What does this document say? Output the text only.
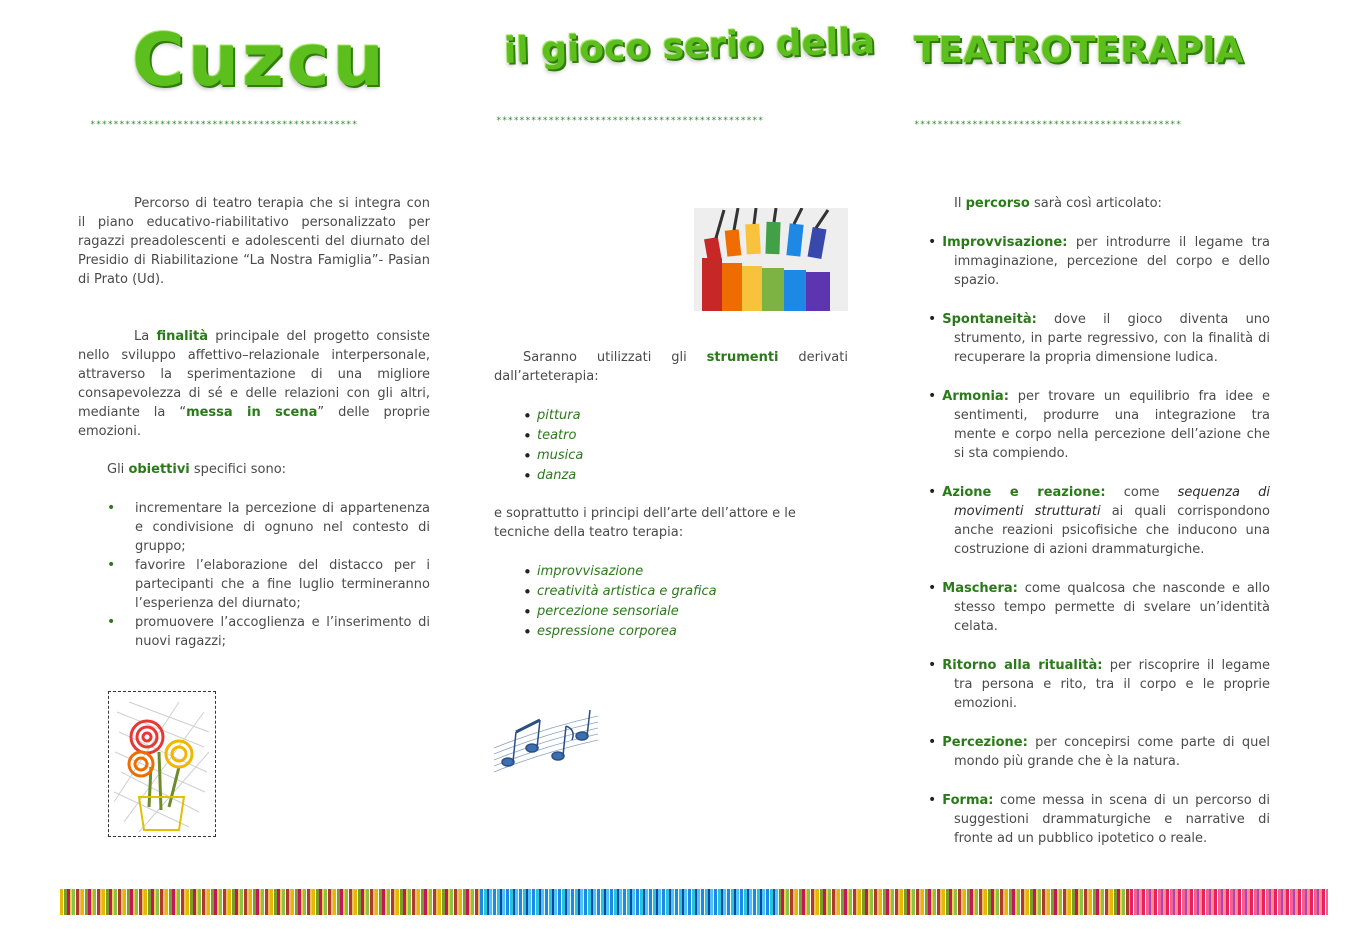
Cuzcu
**********************************************

Percorso di teatro terapia che si integra con il piano educativo-riabilitativo personalizzato per ragazzi preadolescenti e adolescenti del diurnato del Presidio di Riabilitazione “La Nostra Famiglia”- Pasian di Prato (Ud).

La finalità principale del progetto consiste nello sviluppo affettivo–relazionale interpersonale, attraverso la sperimentazione di una migliore consapevolezza di sé e delle relazioni con gli altri, mediante la “messa in scena” delle proprie emozioni.

Gli obiettivi specifici sono:

• incrementare la percezione di appartenenza e condivisione di ognuno nel contesto di gruppo;
• favorire l’elaborazione del distacco per i partecipanti che a fine luglio termineranno l’esperienza del diurnato;
• promuovere l’accoglienza e l’inserimento di nuovi ragazzi;
il gioco serio della
**********************************************

Saranno utilizzati gli strumenti derivati dall’arteterapia:

• pittura
• teatro
• musica
• danza

e soprattutto i principi dell’arte dell’attore e le tecniche della teatro terapia:

• improvvisazione
• creatività artistica e grafica
• percezione sensoriale
• espressione corporea
TEATROTERAPIA
**********************************************

Il percorso sarà così articolato:

• Improvvisazione: per introdurre il legame tra immaginazione, percezione del corpo e dello spazio.
• Spontaneità: dove il gioco diventa uno strumento, in parte regressivo, con la finalità di recuperare la propria dimensione ludica.
• Armonia: per trovare un equilibrio fra idee e sentimenti, produrre una integrazione tra mente e corpo nella percezione dell’azione che si sta compiendo.
• Azione e reazione: come sequenza di movimenti strutturati ai quali corrispondono anche reazioni psicofisiche che inducono una costruzione di azioni drammaturgiche.
• Maschera: come qualcosa che nasconde e allo stesso tempo permette di svelare un’identità celata.
• Ritorno alla ritualità: per riscoprire il legame tra persona e rito, tra il corpo e le proprie emozioni.
• Percezione: per concepirsi come parte di quel mondo più grande che è la natura.
• Forma: come messa in scena di un percorso di suggestioni drammaturgiche e narrative di fronte ad un pubblico ipotetico o reale.
